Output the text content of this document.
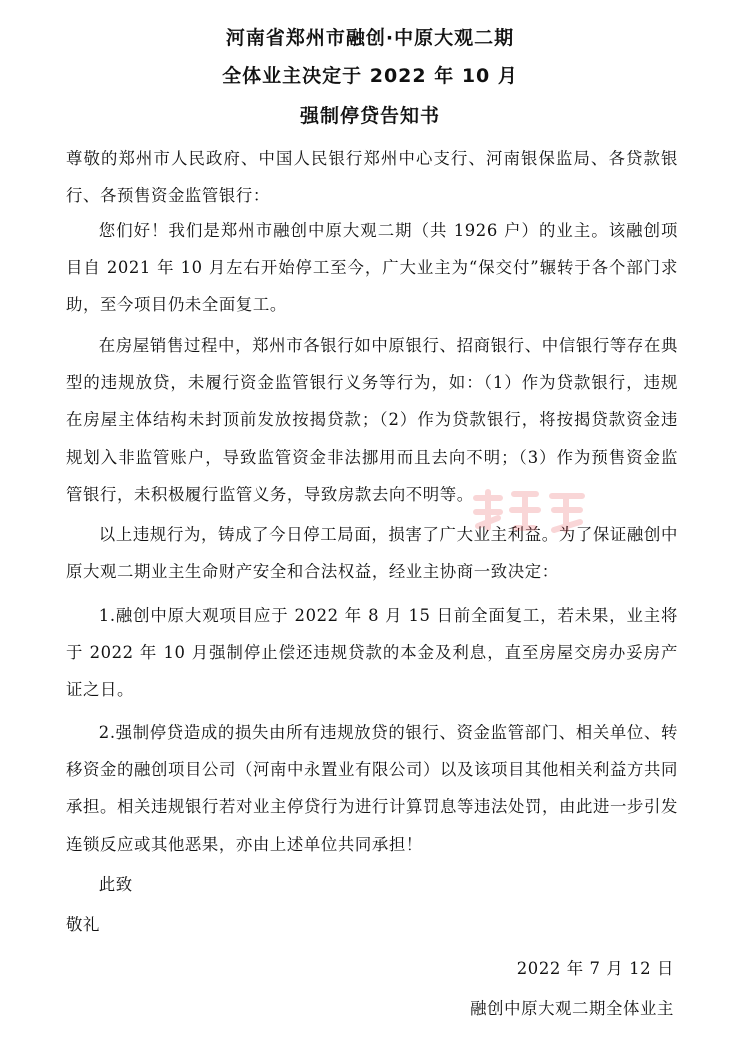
河南省郑州市融创·中原大观二期
全体业主决定于 2022 年 10 月
强制停贷告知书
尊敬的郑州市人民政府、中国人民银行郑州中心支行、河南银保监局、各贷款银行、各预售资金监管银行：
您们好！我们是郑州市融创中原大观二期（共 1926 户）的业主。该融创项目自 2021 年 10 月左右开始停工至今，广大业主为“保交付”辗转于各个部门求助，至今项目仍未全面复工。
在房屋销售过程中，郑州市各银行如中原银行、招商银行、中信银行等存在典型的违规放贷，未履行资金监管银行义务等行为，如：（1）作为贷款银行，违规在房屋主体结构未封顶前发放按揭贷款；（2）作为贷款银行，将按揭贷款资金违规划入非监管账户，导致监管资金非法挪用而且去向不明；（3）作为预售资金监管银行，未积极履行监管义务，导致房款去向不明等。
以上违规行为，铸成了今日停工局面，损害了广大业主利益。为了保证融创中原大观二期业主生命财产安全和合法权益，经业主协商一致决定：
1.融创中原大观项目应于 2022 年 8 月 15 日前全面复工，若未果，业主将于 2022 年 10 月强制停止偿还违规贷款的本金及利息，直至房屋交房办妥房产证之日。
2.强制停贷造成的损失由所有违规放贷的银行、资金监管部门、相关单位、转移资金的融创项目公司（河南中永置业有限公司）以及该项目其他相关利益方共同承担。相关违规银行若对业主停贷行为进行计算罚息等违法处罚，由此进一步引发连锁反应或其他恶果，亦由上述单位共同承担！
此致
敬礼
2022 年 7 月 12 日
融创中原大观二期全体业主
